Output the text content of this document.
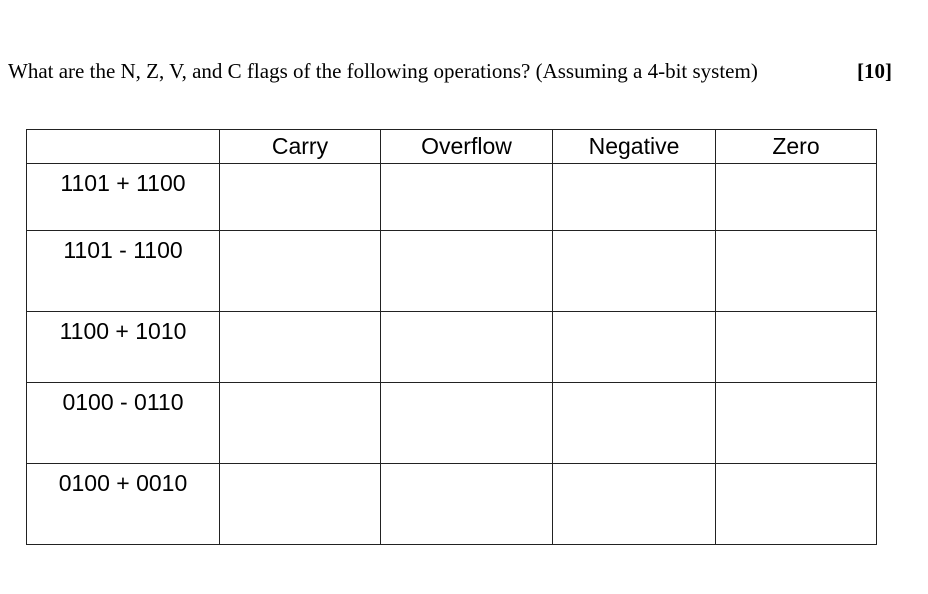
What are the N, Z, V, and C flags of the following operations? (Assuming a 4-bit system)	[10]
	Carry	Overflow	Negative	Zero
1101 + 1100				
1101 - 1100				
1100 + 1010				
0100 - 0110				
0100 + 0010				
